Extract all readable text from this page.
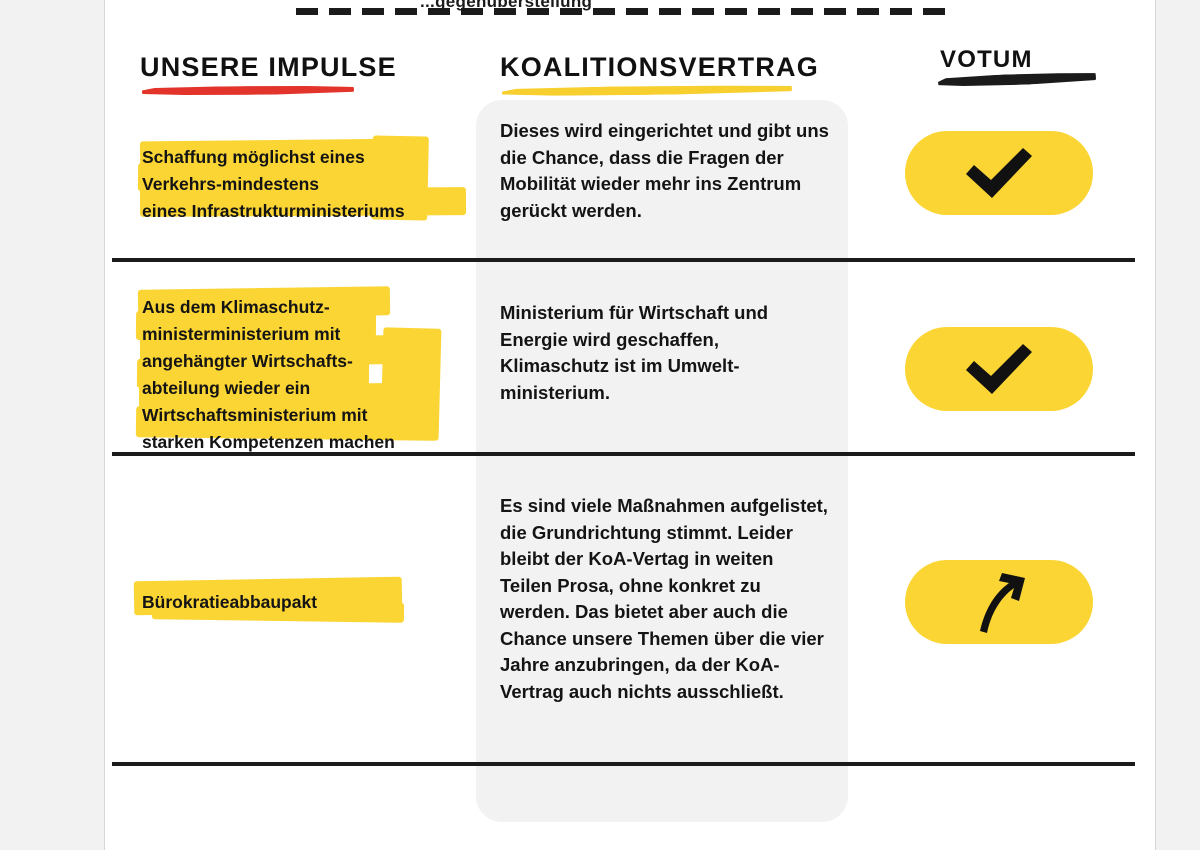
UNSERE IMPULSE	KOALITIONSVERTRAG	VOTUM
Schaffung möglichst eines
Verkehrs-mindestens
eines Infrastrukturministeriums
Dieses wird eingerichtet und gibt uns die Chance, dass die Fragen der Mobilität wieder mehr ins Zentrum gerückt werden.
Aus dem Klimaschutz-
ministerministerium mit
angehängter Wirtschafts-
abteilung wieder ein
Wirtschaftsministerium mit
starken Kompetenzen machen
Ministerium für Wirtschaft und Energie wird geschaffen, Klimaschutz ist im Umwelt-ministerium.
Bürokratieabbaupakt
Es sind viele Maßnahmen aufgelistet, die Grundrichtung stimmt. Leider bleibt der KoA-Vertag in weiten Teilen Prosa, ohne konkret zu werden. Das bietet aber auch die Chance unsere Themen über die vier Jahre anzubringen, da der KoA-Vertrag auch nichts ausschließt.
